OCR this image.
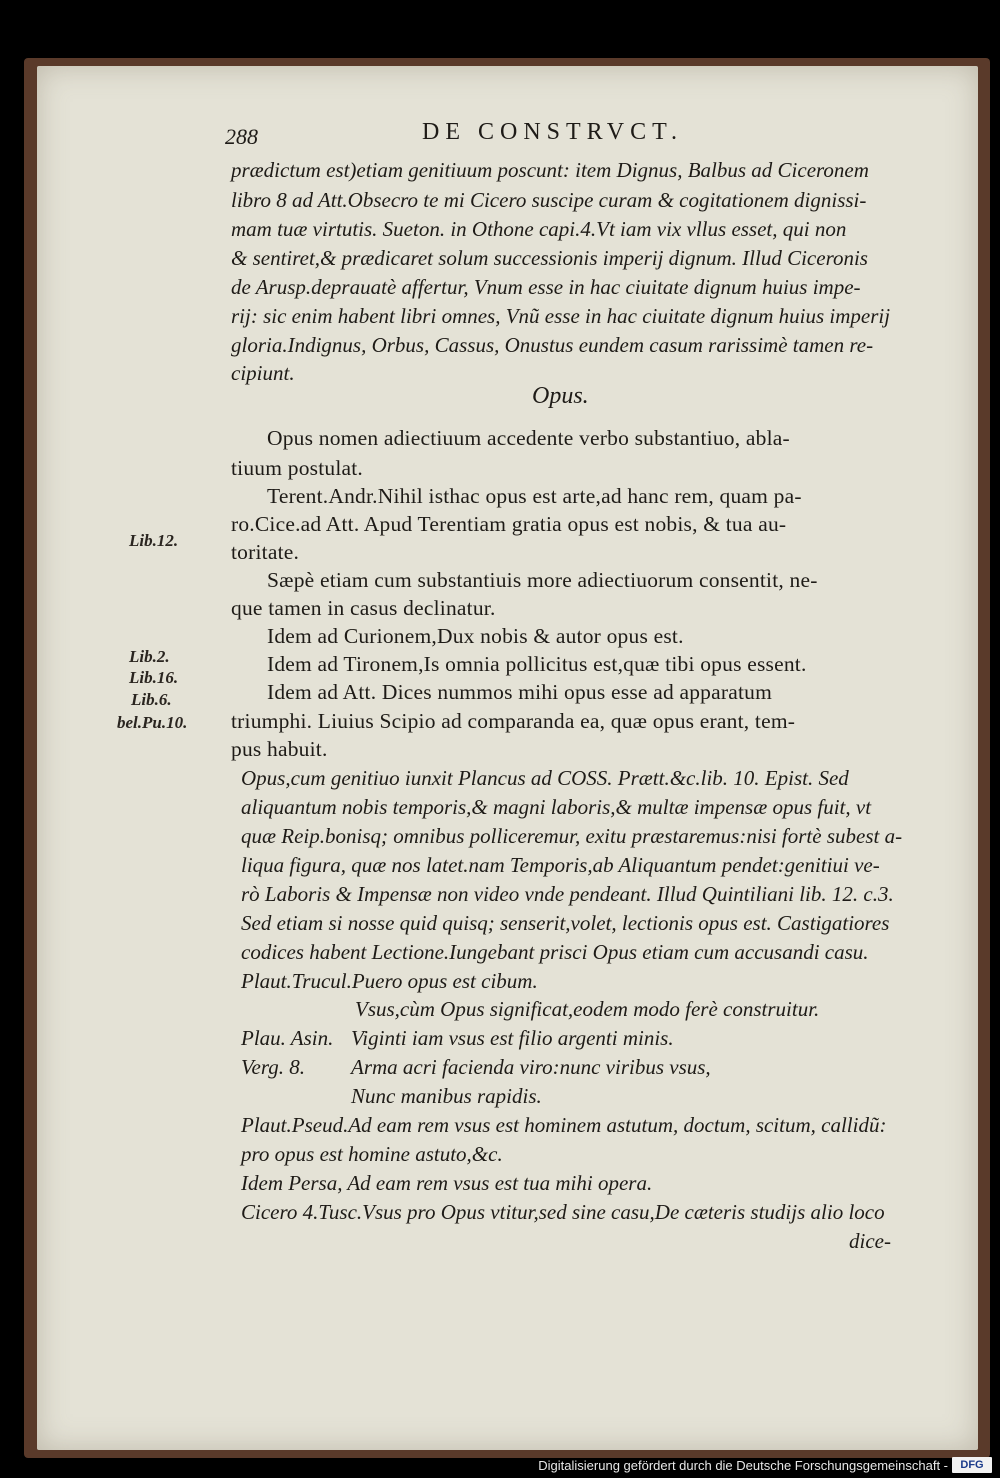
288	DE CONSTRVCT.
prædictum est)etiam genitiuum poscunt: item Dignus, Balbus ad Ciceronem
libro 8 ad Att.Obsecro te mi Cicero suscipe curam & cogitationem dignissi-
mam tuæ virtutis. Sueton. in Othone capi.4.Vt iam vix vllus esset, qui non
& sentiret,& prædicaret solum successionis imperij dignum. Illud Ciceronis
de Arusp.deprauatè affertur, Vnum esse in hac ciuitate dignum huius impe-
rij: sic enim habent libri omnes, Vnũ esse in hac ciuitate dignum huius imperij
gloria.Indignus, Orbus, Cassus, Onustus eundem casum rarissimè tamen re-
cipiunt.
Opus.
Opus nomen adiectiuum accedente verbo substantiuo, abla-
tiuum postulat.
Terent.Andr.Nihil isthac opus est arte,ad hanc rem, quam pa-
ro.Cice.ad Att. Apud Terentiam gratia opus est nobis, & tua au-
toritate.
Sæpè etiam cum substantiuis more adiectiuorum consentit, ne-
que tamen in casus declinatur.
Idem ad Curionem,Dux nobis & autor opus est.
Idem ad Tironem,Is omnia pollicitus est,quæ tibi opus essent.
Idem ad Att. Dices nummos mihi opus esse ad apparatum
triumphi. Liuius Scipio ad comparanda ea, quæ opus erant, tem-
pus habuit.
Lib.12.
Lib.2.
Lib.16.
Lib.6.
bel.Pu.10.
Opus,cum genitiuo iunxit Plancus ad COSS. Prætt.&c.lib. 10. Epist. Sed
aliquantum nobis temporis,& magni laboris,& multæ impensæ opus fuit, vt
quæ Reip.bonisq; omnibus polliceremur, exitu præstaremus:nisi fortè subest a-
liqua figura, quæ nos latet.nam Temporis,ab Aliquantum pendet:genitiui ve-
rò Laboris & Impensæ non video vnde pendeant. Illud Quintiliani lib. 12. c.3.
Sed etiam si nosse quid quisq; senserit,volet, lectionis opus est. Castigatiores
codices habent Lectione.Iungebant prisci Opus etiam cum accusandi casu.
Plaut.Trucul.Puero opus est cibum.
Vsus,cùm Opus significat,eodem modo ferè construitur.
Plau. Asin. Viginti iam vsus est filio argenti minis.
Verg. 8. Arma acri facienda viro:nunc viribus vsus,
Nunc manibus rapidis.
Plaut.Pseud.Ad eam rem vsus est hominem astutum, doctum, scitum, callidũ:
pro opus est homine astuto,&c.
Idem Persa, Ad eam rem vsus est tua mihi opera.
Cicero 4.Tusc.Vsus pro Opus vtitur,sed sine casu,De cæteris studijs alio loco
dice-
Digitalisierung gefördert durch die Deutsche Forschungsgemeinschaft -	DFG
